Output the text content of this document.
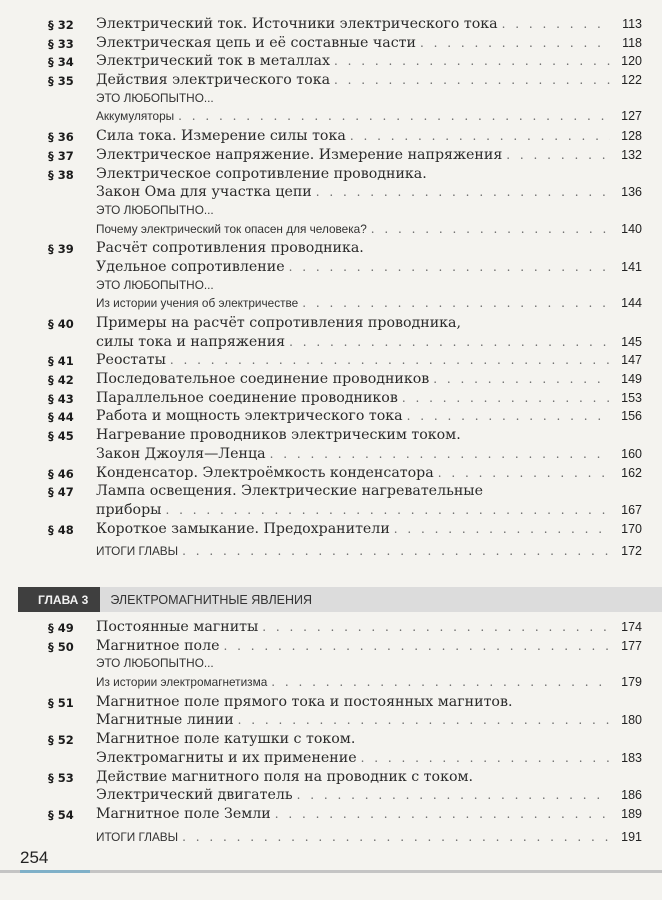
§ 32	Электрический ток. Источники электрического тока . . .	113
§ 33	Электрическая цепь и её составные части . . .	118
§ 34	Электрический ток в металлах . . .	120
§ 35	Действия электрического тока . . .	122
ЭТО ЛЮБОПЫТНО...
Аккумуляторы . . .	127
§ 36	Сила тока. Измерение силы тока . . .	128
§ 37	Электрическое напряжение. Измерение напряжения . . .	132
§ 38	Электрическое сопротивление проводника.
Закон Ома для участка цепи . . .	136
ЭТО ЛЮБОПЫТНО...
Почему электрический ток опасен для человека? . . .	140
§ 39	Расчёт сопротивления проводника.
Удельное сопротивление . . .	141
ЭТО ЛЮБОПЫТНО...
Из истории учения об электричестве . . .	144
§ 40	Примеры на расчёт сопротивления проводника,
силы тока и напряжения . . .	145
§ 41	Реостаты . . .	147
§ 42	Последовательное соединение проводников . . .	149
§ 43	Параллельное соединение проводников . . .	153
§ 44	Работа и мощность электрического тока . . .	156
§ 45	Нагревание проводников электрическим током.
Закон Джоуля—Ленца . . .	160
§ 46	Конденсатор. Электроёмкость конденсатора . . .	162
§ 47	Лампа освещения. Электрические нагревательные
приборы . . .	167
§ 48	Короткое замыкание. Предохранители . . .	170
ИТОГИ ГЛАВЫ . . .	172
ГЛАВА 3	ЭЛЕКТРОМАГНИТНЫЕ ЯВЛЕНИЯ
§ 49	Постоянные магниты . . .	174
§ 50	Магнитное поле . . .	177
ЭТО ЛЮБОПЫТНО...
Из истории электромагнетизма . . .	179
§ 51	Магнитное поле прямого тока и постоянных магнитов.
Магнитные линии . . .	180
§ 52	Магнитное поле катушки с током.
Электромагниты и их применение . . .	183
§ 53	Действие магнитного поля на проводник с током.
Электрический двигатель . . .	186
§ 54	Магнитное поле Земли . . .	189
ИТОГИ ГЛАВЫ . . .	191
254
